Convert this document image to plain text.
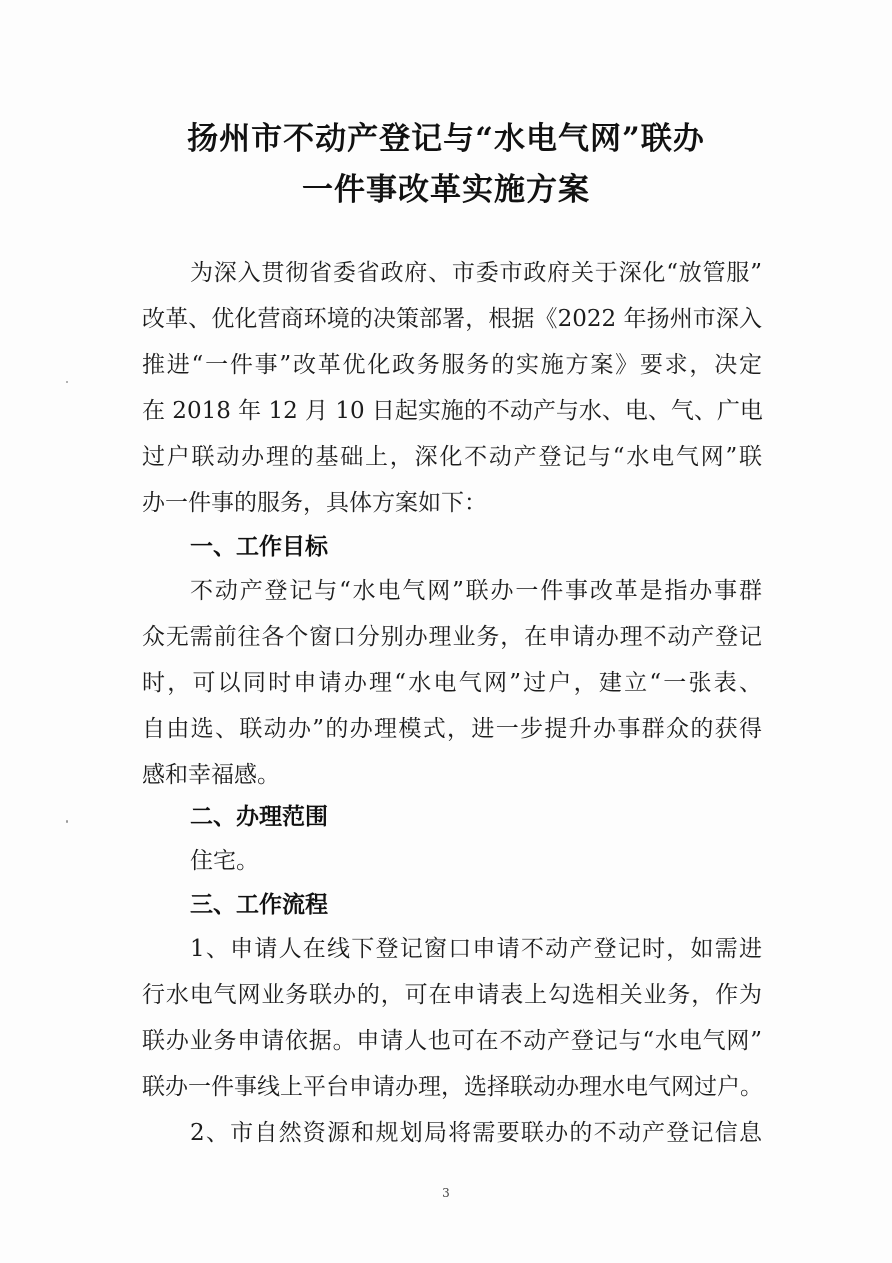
扬州市不动产登记与“水电气网”联办
一件事改革实施方案
为深入贯彻省委省政府、市委市政府关于深化“放管服”
改革、优化营商环境的决策部署，根据《2022 年扬州市深入
推进“一件事”改革优化政务服务的实施方案》要求，决定
在 2018 年 12 月 10 日起实施的不动产与水、电、气、广电
过户联动办理的基础上，深化不动产登记与“水电气网”联
办一件事的服务，具体方案如下：
一、工作目标
不动产登记与“水电气网”联办一件事改革是指办事群
众无需前往各个窗口分别办理业务，在申请办理不动产登记
时，可以同时申请办理“水电气网”过户，建立“一张表、
自由选、联动办”的办理模式，进一步提升办事群众的获得
感和幸福感。
二、办理范围
住宅。
三、工作流程
1、申请人在线下登记窗口申请不动产登记时，如需进
行水电气网业务联办的，可在申请表上勾选相关业务，作为
联办业务申请依据。申请人也可在不动产登记与“水电气网”
联办一件事线上平台申请办理，选择联动办理水电气网过户。
2、市自然资源和规划局将需要联办的不动产登记信息
3
